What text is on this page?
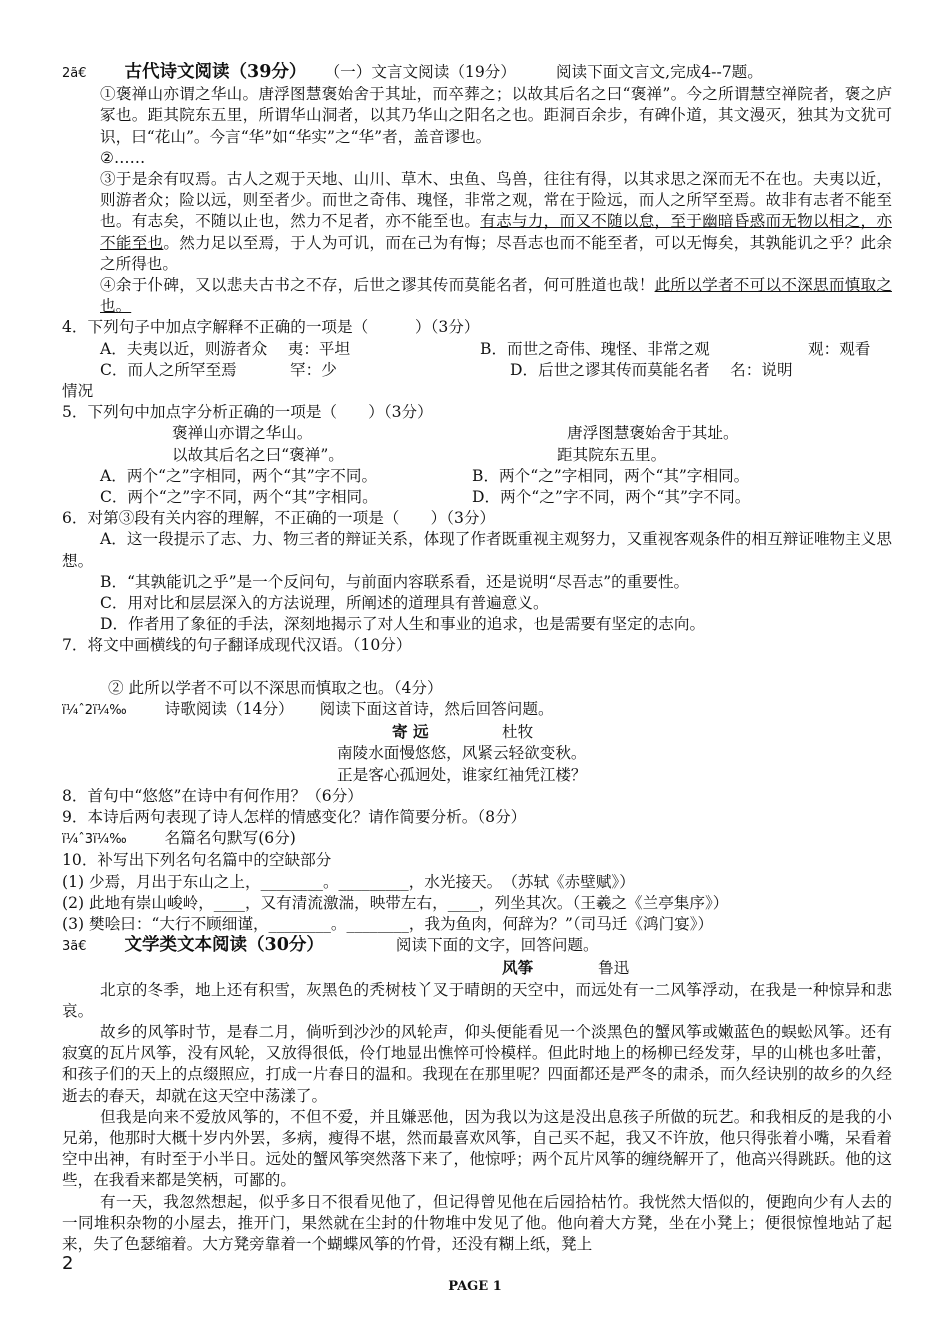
2ã€ 古代诗文阅读（39分） （一）文言文阅读（19分）	阅读下面文言文,完成4--7题。
①褒禅山亦谓之华山。唐浮图慧褒始舍于其址，而卒葬之；以故其后名之曰“褒禅”。今之所谓慧空禅院者，褒之庐冢也。距其院东五里，所谓华山洞者，以其乃华山之阳名之也。距洞百余步，有碑仆道，其文漫灭，独其为文犹可识，曰“花山”。今言“华”如“华实”之“华”者，盖音谬也。
②……
③于是余有叹焉。古人之观于天地、山川、草木、虫鱼、鸟兽，往往有得，以其求思之深而无不在也。夫夷以近，则游者众；险以远，则至者少。而世之奇伟、瑰怪，非常之观，常在于险远，而人之所罕至焉。故非有志者不能至也。有志矣，不随以止也，然力不足者，亦不能至也。有志与力，而又不随以怠，至于幽暗昏惑而无物以相之，亦不能至也。然力足以至焉，于人为可讥，而在己为有悔；尽吾志也而不能至者，可以无悔矣，其孰能讥之乎？此余之所得也。
④余于仆碑，又以悲夫古书之不存，后世之谬其传而莫能名者，何可胜道也哉！此所以学者不可以不深思而慎取之也。
4．下列句子中加点字解释不正确的一项是（　　　）（3分）
A．夫夷以近，则游者众　 夷：平坦	B．而世之奇伟、瑰怪、非常之观	观：观看
C．而人之所罕至焉	罕：少	D．后世之谬其传而莫能名者　 名：说明
情况
5．下列句中加点字分析正确的一项是（　　）（3分）
褒禅山亦谓之华山。	唐浮图慧褒始舍于其址。
以故其后名之曰“褒禅”。	距其院东五里。
A．两个“之”字相同，两个“其”字不同。	B．两个“之”字相同，两个“其”字相同。
C．两个“之”字不同，两个“其”字相同。	D．两个“之”字不同，两个“其”字不同。
6．对第③段有关内容的理解，不正确的一项是（　　）（3分）
A．这一段提示了志、力、物三者的辩证关系，体现了作者既重视主观努力，又重视客观条件的相互辩证唯物主义思想。
B．“其孰能讥之乎”是一个反问句，与前面内容联系看，还是说明“尽吾志”的重要性。
C．用对比和层层深入的方法说理，所阐述的道理具有普遍意义。
D．作者用了象征的手法，深刻地揭示了对人生和事业的追求，也是需要有坚定的志向。
7．将文中画横线的句子翻译成现代汉语。（10分）
② 此所以学者不可以不深思而慎取之也。（4分）
ï¼ˆ2ï¼‰ 诗歌阅读（14分） 阅读下面这首诗，然后回答问题。
寄 远	杜牧
南陵水面慢悠悠，风紧云轻欲变秋。
正是客心孤迥处，谁家红袖凭江楼？
8．首句中“悠悠”在诗中有何作用？（6分）
9．本诗后两句表现了诗人怎样的情感变化？请作简要分析。（8分）
ï¼ˆ3ï¼‰ 名篇名句默写(6分)
10．补写出下列名句名篇中的空缺部分
(1) 少焉，月出于东山之上，________。_________，水光接天。　（苏轼《赤壁赋》）
(2) 此地有崇山峻岭，____，又有清流激湍，映带左右，____，列坐其次。（王羲之《兰亭集序》）
(3) 樊哙曰：“大行不顾细谨，________。________，我为鱼肉，何辞为？”（司马迁《鸿门宴》）
3ã€ 文学类文本阅读（30分）	阅读下面的文字，回答问题。
风筝	鲁迅
北京的冬季，地上还有积雪，灰黑色的秃树枝丫叉于晴朗的天空中，而远处有一二风筝浮动，在我是一种惊异和悲哀。
故乡的风筝时节，是春二月，倘听到沙沙的风轮声，仰头便能看见一个淡黑色的蟹风筝或嫩蓝色的蜈蚣风筝。还有寂寞的瓦片风筝，没有风轮，又放得很低，伶仃地显出憔悴可怜模样。但此时地上的杨柳已经发芽，早的山桃也多吐蕾，和孩子们的天上的点缀照应，打成一片春日的温和。我现在在那里呢？四面都还是严冬的肃杀，而久经诀别的故乡的久经逝去的春天，却就在这天空中荡漾了。
但我是向来不爱放风筝的，不但不爱，并且嫌恶他，因为我以为这是没出息孩子所做的玩艺。和我相反的是我的小兄弟，他那时大概十岁内外罢，多病，瘦得不堪，然而最喜欢风筝，自己买不起，我又不许放，他只得张着小嘴，呆看着空中出神，有时至于小半日。远处的蟹风筝突然落下来了，他惊呼；两个瓦片风筝的缠绕解开了，他高兴得跳跃。他的这些，在我看来都是笑柄，可鄙的。
有一天，我忽然想起，似乎多日不很看见他了，但记得曾见他在后园拾枯竹。我恍然大悟似的，便跑向少有人去的一同堆积杂物的小屋去，推开门，果然就在尘封的什物堆中发见了他。他向着大方凳，坐在小凳上；便很惊惶地站了起来，失了色瑟缩着。大方凳旁靠着一个蝴蝶风筝的竹骨，还没有糊上纸，凳上
2
PAGE 1
